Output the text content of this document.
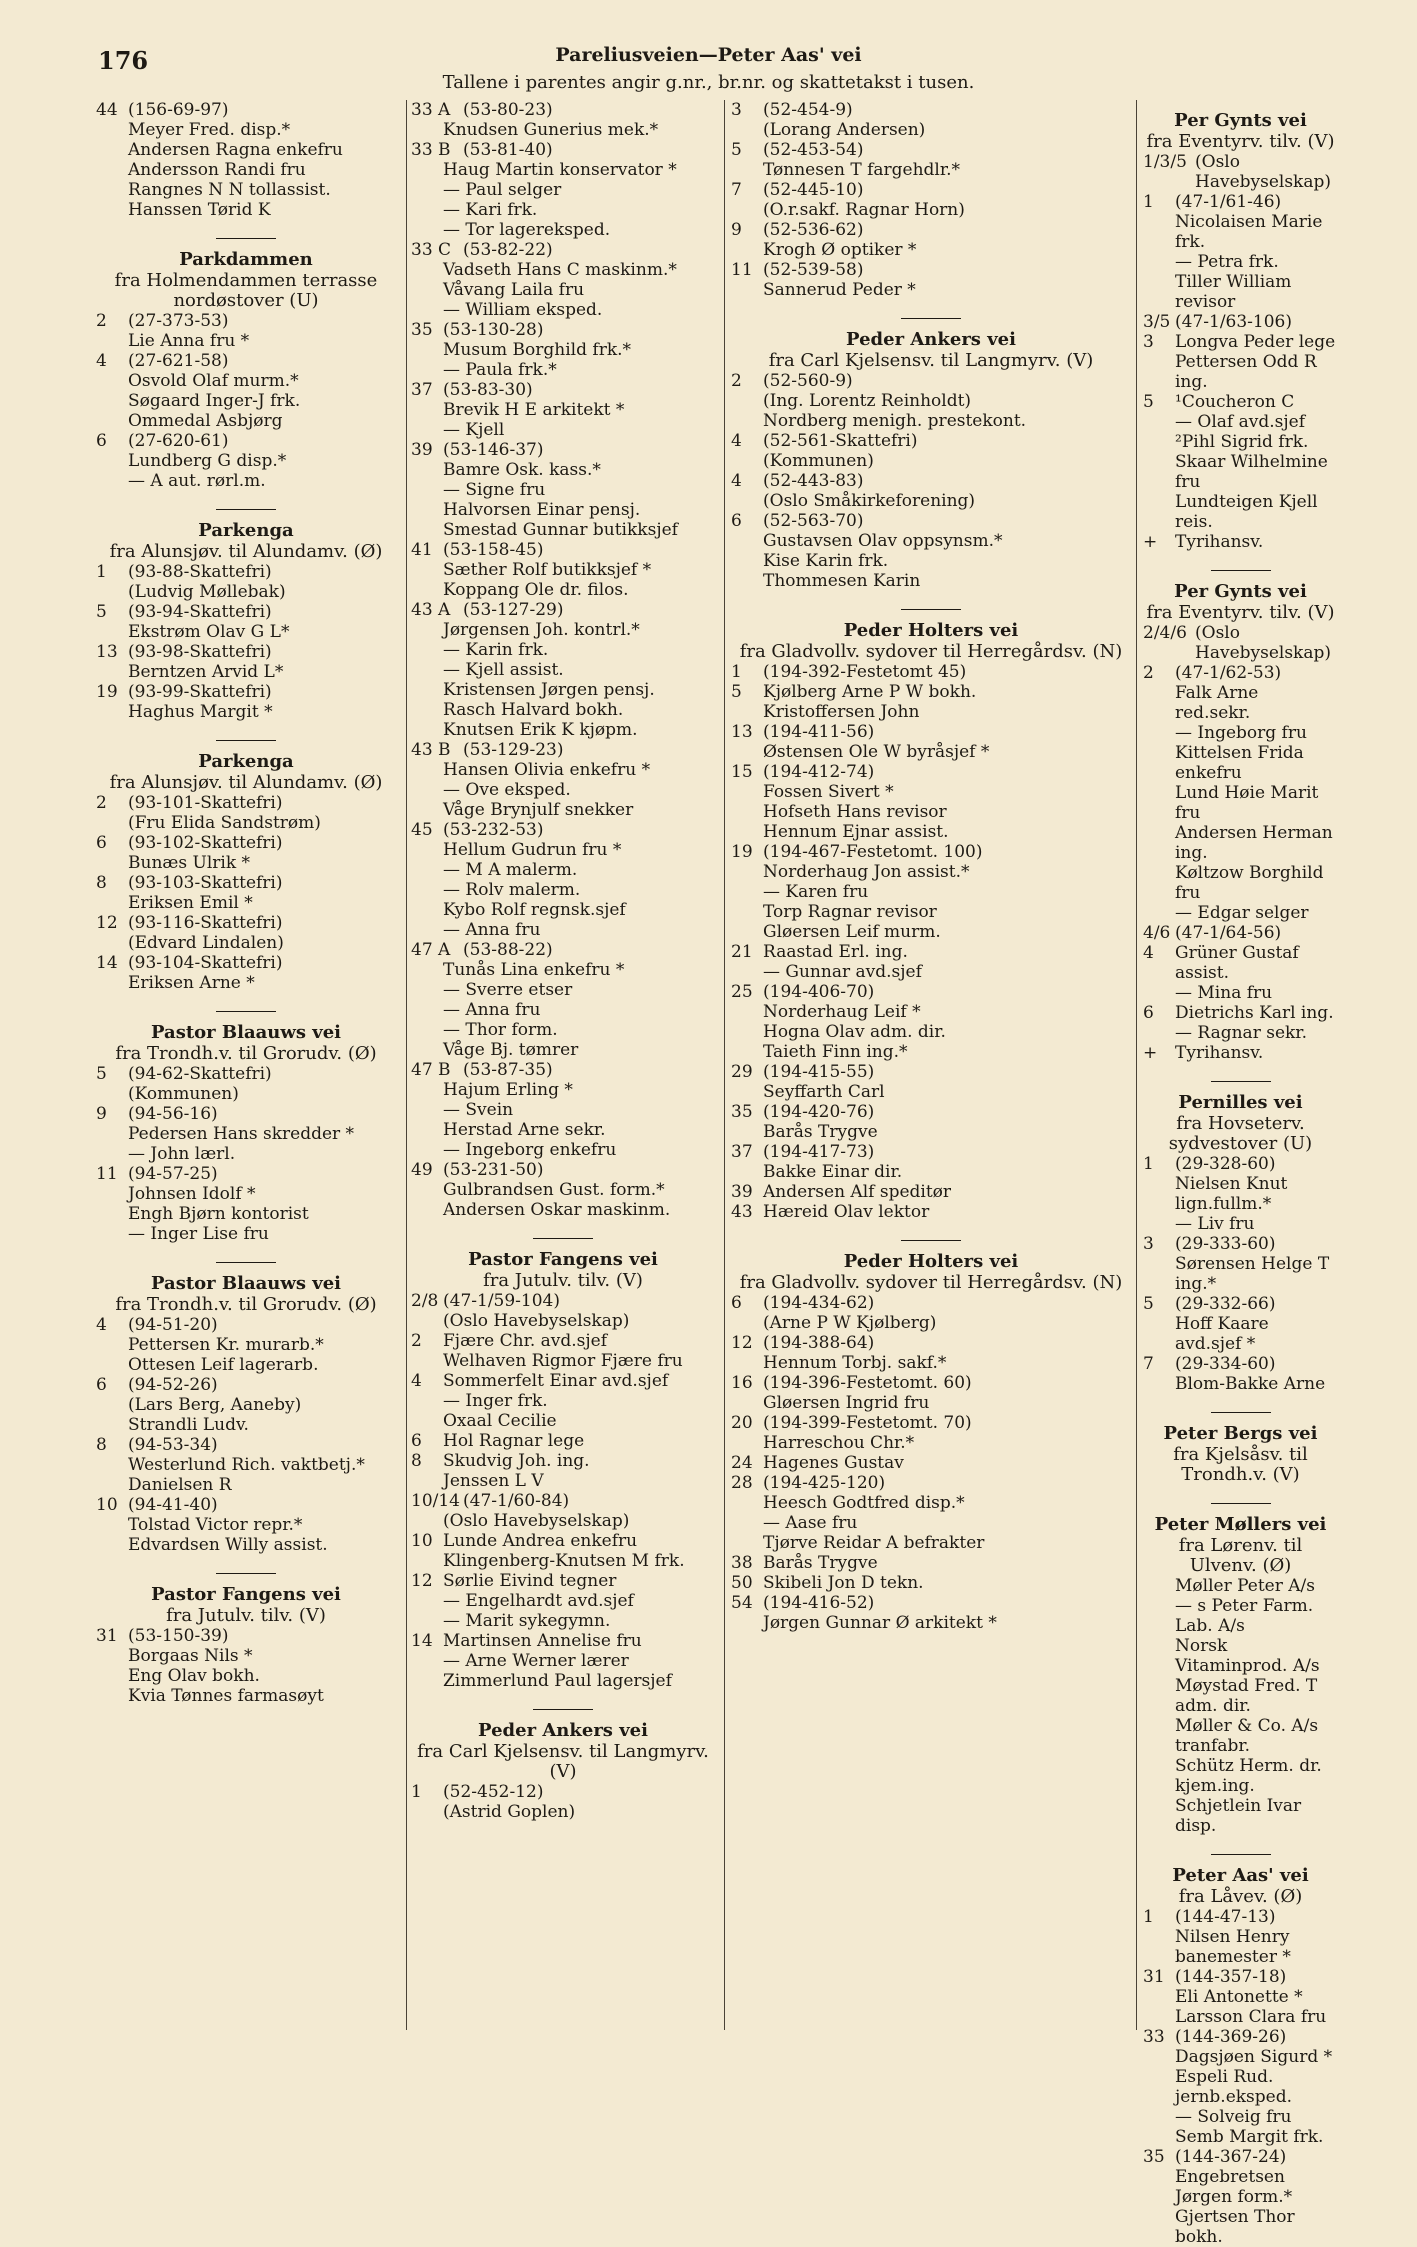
176	Pareliusveien—Peter Aas' vei
Tallene i parentes angir g.nr., br.nr. og skattetakst i tusen.
44 (156-69-97)
Meyer Fred. disp.*
Andersen Ragna enkefru
Andersson Randi fru
Rangnes N N tollassist.
Hanssen Tørid K
Parkdammen
fra Holmendammen terrasse nordøstover (U)
2	(27-373-53)
Lie Anna fru *
4	(27-621-58)
Osvold Olaf murm.*
Søgaard Inger-J frk.
Ommedal Asbjørg
6	(27-620-61)
Lundberg G disp.*
— A aut. rørl.m.
Parkenga
fra Alunsjøv. til Alundamv. (Ø)
1	(93-88-Skattefri)
(Ludvig Møllebak)
5	(93-94-Skattefri)
Ekstrøm Olav G L*
13 (93-98-Skattefri)
Berntzen Arvid L*
19 (93-99-Skattefri)
Haghus Margit *
Parkenga
fra Alunsjøv. til Alundamv. (Ø)
2	(93-101-Skattefri)
(Fru Elida Sandstrøm)
6	(93-102-Skattefri)
Bunæs Ulrik *
8	(93-103-Skattefri)
Eriksen Emil *
12 (93-116-Skattefri)
(Edvard Lindalen)
14 (93-104-Skattefri)
Eriksen Arne *
Pastor Blaauws vei
fra Trondh.v. til Grorudv. (Ø)
5	(94-62-Skattefri)
(Kommunen)
9	(94-56-16)
Pedersen Hans skredder *
— John lærl.
11 (94-57-25)
Johnsen Idolf *
Engh Bjørn kontorist
— Inger Lise fru
Pastor Blaauws vei
fra Trondh.v. til Grorudv. (Ø)
4	(94-51-20)
Pettersen Kr. murarb.*
Ottesen Leif lagerarb.
6	(94-52-26)
(Lars Berg, Aaneby)
Strandli Ludv.
8	(94-53-34)
Westerlund Rich. vaktbetj.*
Danielsen R
10 (94-41-40)
Tolstad Victor repr.*
Edvardsen Willy assist.
Pastor Fangens vei
fra Jutulv. tilv. (V)
31 (53-150-39)
Borgaas Nils *
Eng Olav bokh.
Kvia Tønnes farmasøyt
33 A (53-80-23)
Knudsen Gunerius mek.*
33 B (53-81-40)
Haug Martin konservator *
— Paul selger
— Kari frk.
— Tor lagereksped.
33 C (53-82-22)
Vadseth Hans C maskinm.*
Våvang Laila fru
— William eksped.
35 (53-130-28)
Musum Borghild frk.*
— Paula frk.*
37 (53-83-30)
Brevik H E arkitekt *
— Kjell
39 (53-146-37)
Bamre Osk. kass.*
— Signe fru
Halvorsen Einar pensj.
Smestad Gunnar butikksjef
41 (53-158-45)
Sæther Rolf butikksjef *
Koppang Ole dr. filos.
43 A (53-127-29)
Jørgensen Joh. kontrl.*
— Karin frk.
— Kjell assist.
Kristensen Jørgen pensj.
Rasch Halvard bokh.
Knutsen Erik K kjøpm.
43 B (53-129-23)
Hansen Olivia enkefru *
— Ove eksped.
Våge Brynjulf snekker
45 (53-232-53)
Hellum Gudrun fru *
— M A malerm.
— Rolv malerm.
Kybo Rolf regnsk.sjef
— Anna fru
47 A (53-88-22)
Tunås Lina enkefru *
— Sverre etser
— Anna fru
— Thor form.
Våge Bj. tømrer
47 B (53-87-35)
Hajum Erling *
— Svein
Herstad Arne sekr.
— Ingeborg enkefru
49 (53-231-50)
Gulbrandsen Gust. form.*
Andersen Oskar maskinm.
Pastor Fangens vei
fra Jutulv. tilv. (V)
2/8 (47-1/59-104)
(Oslo Havebyselskap)
2	Fjære Chr. avd.sjef
Welhaven Rigmor Fjære fru
4	Sommerfelt Einar avd.sjef
— Inger frk.
Oxaal Cecilie
6	Hol Ragnar lege
8	Skudvig Joh. ing.
Jenssen L V
10/14 (47-1/60-84)
(Oslo Havebyselskap)
10 Lunde Andrea enkefru
Klingenberg-Knutsen M frk.
12 Sørlie Eivind tegner
— Engelhardt avd.sjef
— Marit sykegymn.
14 Martinsen Annelise fru
— Arne Werner lærer
Zimmerlund Paul lagersjef
Peder Ankers vei
fra Carl Kjelsensv. til Langmyrv. (V)
1	(52-452-12)
(Astrid Goplen)
3	(52-454-9)
(Lorang Andersen)
5	(52-453-54)
Tønnesen T fargehdlr.*
7	(52-445-10)
(O.r.sakf. Ragnar Horn)
9	(52-536-62)
Krogh Ø optiker *
11 (52-539-58)
Sannerud Peder *
Peder Ankers vei
fra Carl Kjelsensv. til Langmyrv. (V)
2	(52-560-9)
(Ing. Lorentz Reinholdt)
Nordberg menigh. prestekont.
4	(52-561-Skattefri)
(Kommunen)
4	(52-443-83)
(Oslo Småkirkeforening)
6	(52-563-70)
Gustavsen Olav oppsynsm.*
Kise Karin frk.
Thommesen Karin
Peder Holters vei
fra Gladvollv. sydover til Herregårdsv. (N)
1	(194-392-Festetomt 45)
5	Kjølberg Arne P W bokh.
Kristoffersen John
13 (194-411-56)
Østensen Ole W byråsjef *
15 (194-412-74)
Fossen Sivert *
Hofseth Hans revisor
Hennum Ejnar assist.
19 (194-467-Festetomt. 100)
Norderhaug Jon assist.*
— Karen fru
Torp Ragnar revisor
Gløersen Leif murm.
21 Raastad Erl. ing.
— Gunnar avd.sjef
25 (194-406-70)
Norderhaug Leif *
Hogna Olav adm. dir.
Taieth Finn ing.*
29 (194-415-55)
Seyffarth Carl
35 (194-420-76)
Barås Trygve
37 (194-417-73)
Bakke Einar dir.
39 Andersen Alf speditør
43 Hæreid Olav lektor
Peder Holters vei
fra Gladvollv. sydover til Herregårdsv. (N)
6	(194-434-62)
(Arne P W Kjølberg)
12 (194-388-64)
Hennum Torbj. sakf.*
16 (194-396-Festetomt. 60)
Gløersen Ingrid fru
20 (194-399-Festetomt. 70)
Harreschou Chr.*
24 Hagenes Gustav
28 (194-425-120)
Heesch Godtfred disp.*
— Aase fru
Tjørve Reidar A befrakter
38 Barås Trygve
50 Skibeli Jon D tekn.
54 (194-416-52)
Jørgen Gunnar Ø arkitekt *
Per Gynts vei
fra Eventyrv. tilv. (V)
1/3/5 (Oslo Havebyselskap)
1	(47-1/61-46)
Nicolaisen Marie frk.
— Petra frk.
Tiller William revisor
3/5 (47-1/63-106)
3	Longva Peder lege
Pettersen Odd R ing.
5	¹Coucheron C
— Olaf avd.sjef
²Pihl Sigrid frk.
Skaar Wilhelmine fru
Lundteigen Kjell reis.
+	Tyrihansv.
Per Gynts vei
fra Eventyrv. tilv. (V)
2/4/6 (Oslo Havebyselskap)
2	(47-1/62-53)
Falk Arne red.sekr.
— Ingeborg fru
Kittelsen Frida enkefru
Lund Høie Marit fru
Andersen Herman ing.
Køltzow Borghild fru
— Edgar selger
4/6 (47-1/64-56)
4	Grüner Gustaf assist.
— Mina fru
6	Dietrichs Karl ing.
— Ragnar sekr.
+	Tyrihansv.
Pernilles vei
fra Hovseterv. sydvestover (U)
1	(29-328-60)
Nielsen Knut lign.fullm.*
— Liv fru
3	(29-333-60)
Sørensen Helge T ing.*
5	(29-332-66)
Hoff Kaare avd.sjef *
7	(29-334-60)
Blom-Bakke Arne
Peter Bergs vei
fra Kjelsåsv. til Trondh.v. (V)
Peter Møllers vei
fra Lørenv. til Ulvenv. (Ø)
Møller Peter A/s
— s Peter Farm. Lab. A/s
Norsk Vitaminprod. A/s
Møystad Fred. T adm. dir.
Møller & Co. A/s tranfabr.
Schütz Herm. dr. kjem.ing.
Schjetlein Ivar disp.
Peter Aas' vei
fra Låvev. (Ø)
1	(144-47-13)
Nilsen Henry banemester *
31 (144-357-18)
Eli Antonette *
Larsson Clara fru
33 (144-369-26)
Dagsjøen Sigurd *
Espeli Rud. jernb.eksped.
— Solveig fru
Semb Margit frk.
35 (144-367-24)
Engebretsen Jørgen form.*
Gjertsen Thor bokh.
